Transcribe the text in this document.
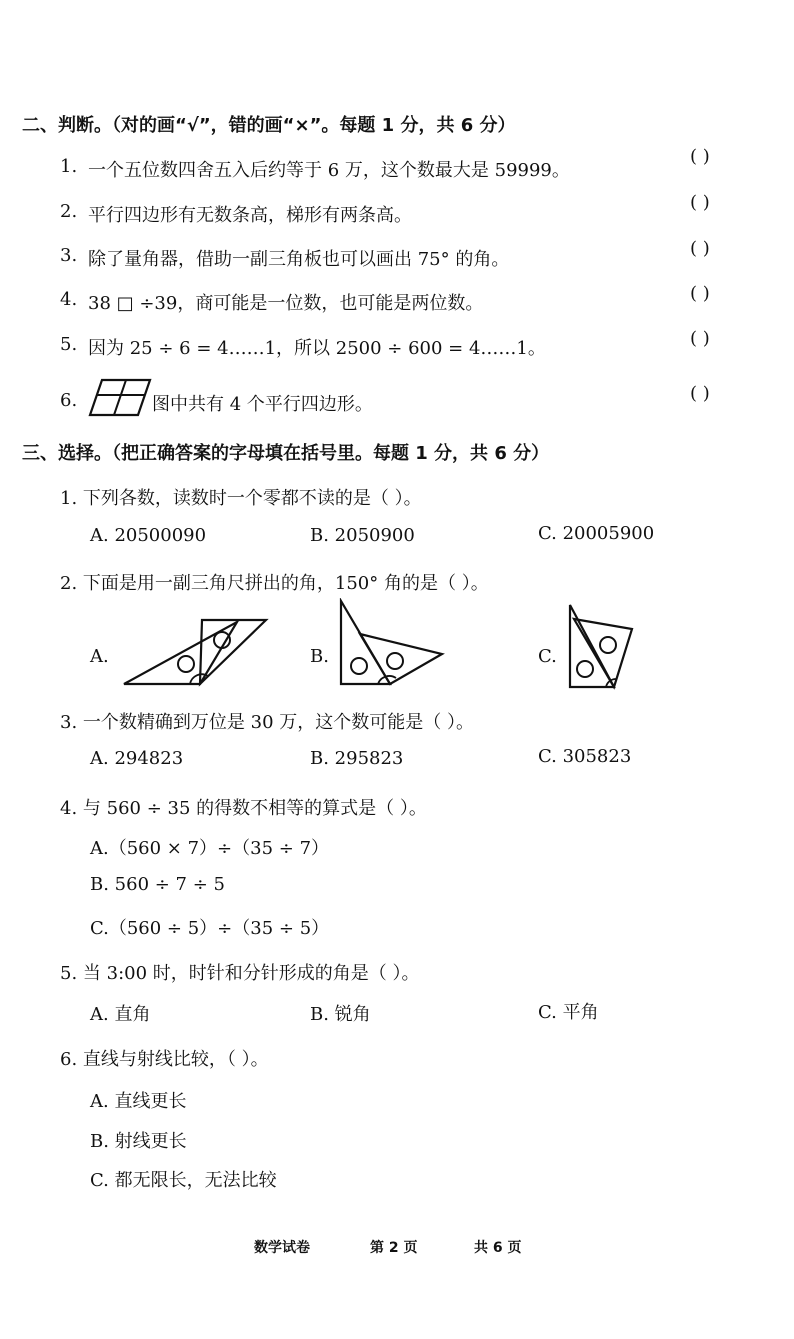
二、判断。（对的画“√”，错的画“×”。每题 1 分，共 6 分）
1. 一个五位数四舍五入后约等于 6 万，这个数最大是 59999。
( )
2. 平行四边形有无数条高，梯形有两条高。
( )
3. 除了量角器，借助一副三角板也可以画出 75° 的角。
( )
4. 38 □ ÷39，商可能是一位数，也可能是两位数。	( )
5. 因为 25 ÷ 6 = 4……1，所以 2500 ÷ 600 = 4……1。	( )
6.	图中共有 4 个平行四边形。
( )
三、选择。（把正确答案的字母填在括号里。每题 1 分，共 6 分）
1. 下列各数，读数时一个零都不读的是（ ）。
A. 20500090	B. 2050900	C. 20005900
2. 下面是用一副三角尺拼出的角，150° 角的是（ ）。
A.	B.	C.
3. 一个数精确到万位是 30 万，这个数可能是（ ）。
A. 294823	B. 295823	C. 305823
4. 与 560 ÷ 35 的得数不相等的算式是（ ）。
A.（560 × 7）÷（35 ÷ 7）
B. 560 ÷ 7 ÷ 5
C.（560 ÷ 5）÷（35 ÷ 5）
5. 当 3:00 时，时针和分针形成的角是（ ）。
A. 直角	B. 锐角	C. 平角
6. 直线与射线比较，（ ）。
A. 直线更长
B. 射线更长
C. 都无限长，无法比较
数学试卷	第 2 页	共 6 页
